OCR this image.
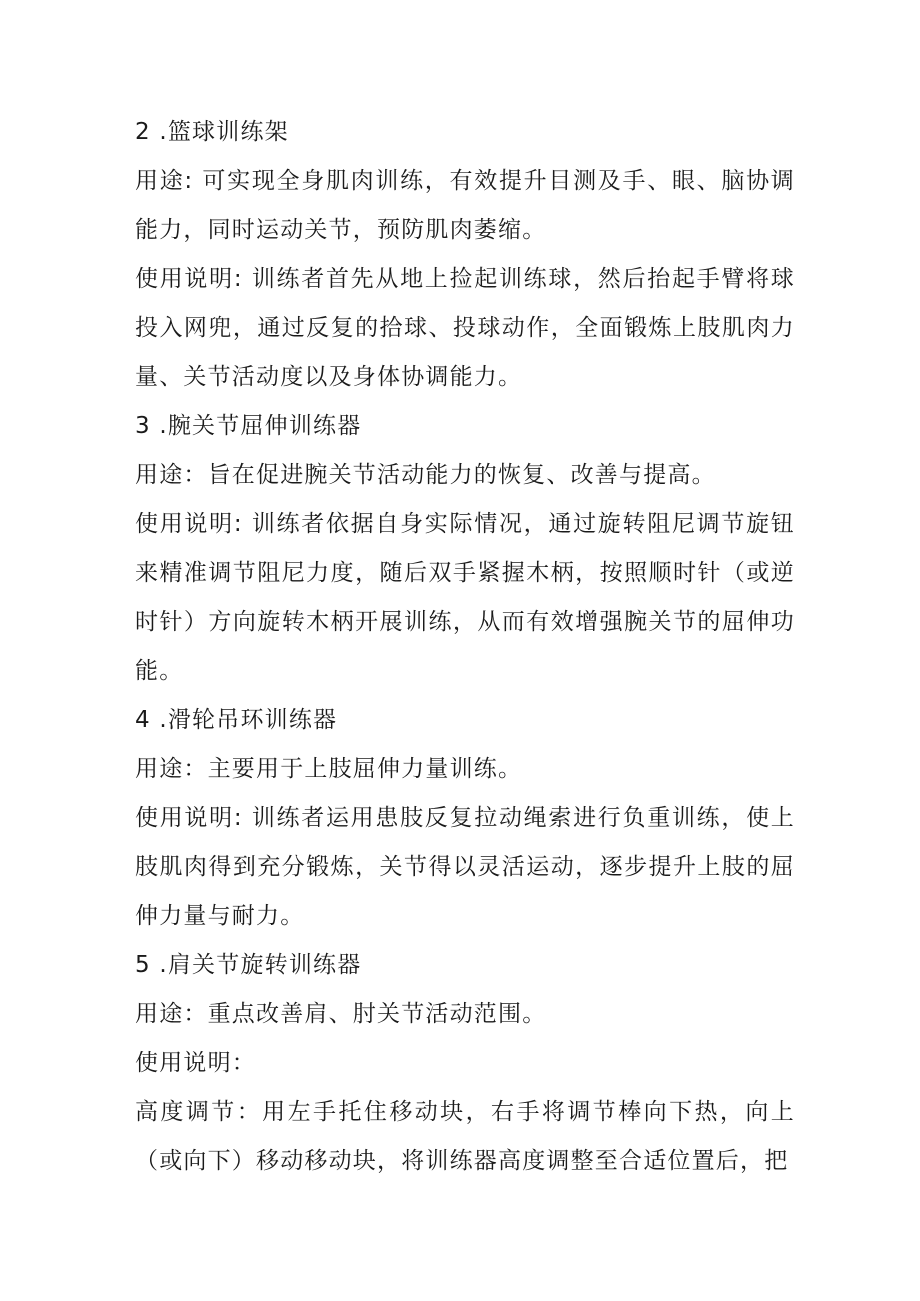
2 .篮球训练架

用途: 可实现全身肌肉训练，有效提升目测及手、眼、脑协调能力，同时运动关节，预防肌肉萎缩。

使用说明: 训练者首先从地上捡起训练球，然后抬起手臂将球投入网兜，通过反复的拾球、投球动作，全面锻炼上肢肌肉力量、关节活动度以及身体协调能力。

3 .腕关节屈伸训练器

用途：旨在促进腕关节活动能力的恢复、改善与提高。

使用说明: 训练者依据自身实际情况，通过旋转阻尼调节旋钮来精准调节阻尼力度，随后双手紧握木柄，按照顺时针（或逆时针）方向旋转木柄开展训练，从而有效增强腕关节的屈伸功能。

4 .滑轮吊环训练器

用途：主要用于上肢屈伸力量训练。

使用说明: 训练者运用患肢反复拉动绳索进行负重训练，使上肢肌肉得到充分锻炼，关节得以灵活运动，逐步提升上肢的屈伸力量与耐力。

5 .肩关节旋转训练器

用途：重点改善肩、肘关节活动范围。

使用说明：

高度调节：用左手托住移动块，右手将调节棒向下热，向上（或向下）移动移动块，将训练器高度调整至合适位置后，把
